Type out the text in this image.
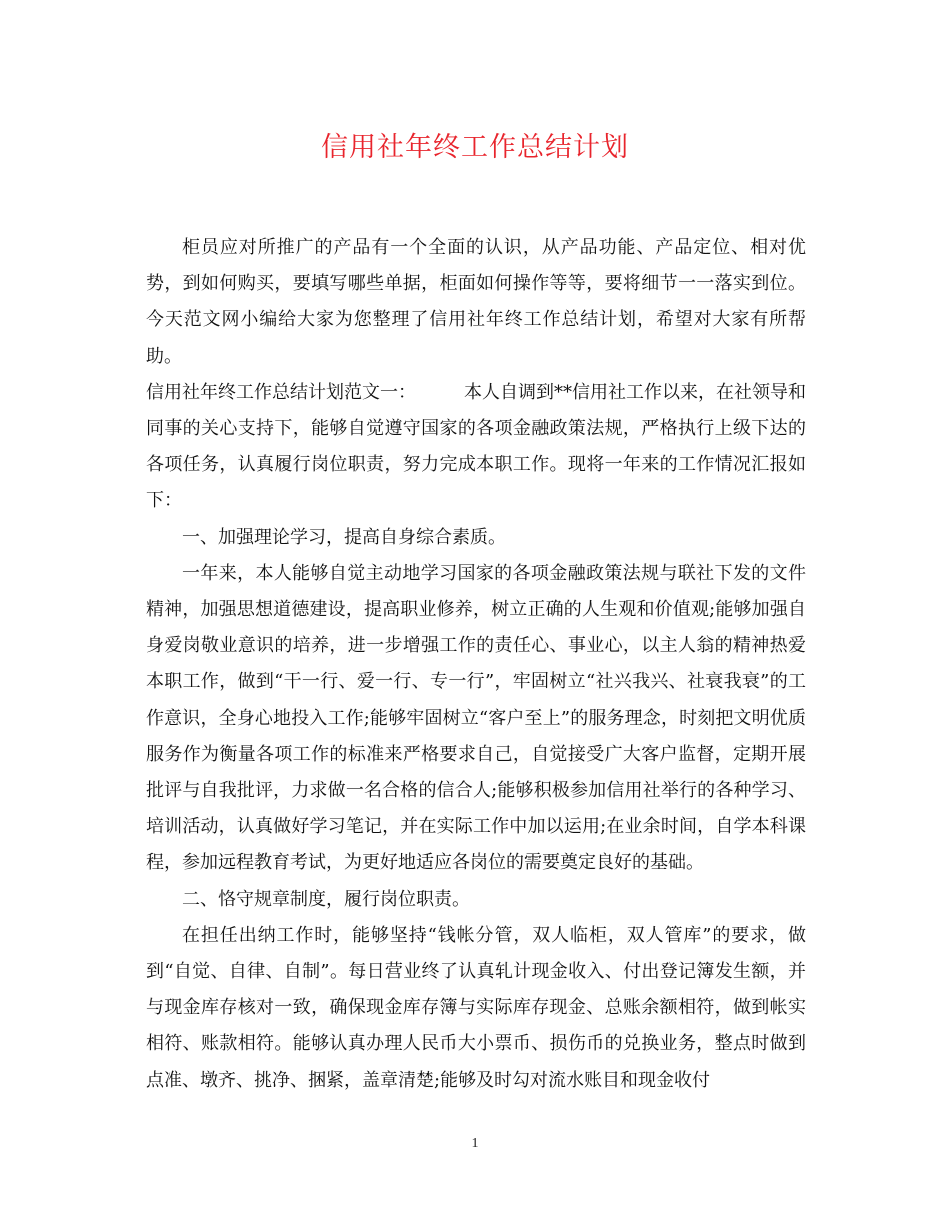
信用社年终工作总结计划

柜员应对所推广的产品有一个全面的认识，从产品功能、产品定位、相对优势，到如何购买，要填写哪些单据，柜面如何操作等等，要将细节一一落实到位。今天范文网小编给大家为您整理了信用社年终工作总结计划，希望对大家有所帮助。

信用社年终工作总结计划范文一：	本人自调到**信用社工作以来，在社领导和同事的关心支持下，能够自觉遵守国家的各项金融政策法规，严格执行上级下达的各项任务，认真履行岗位职责，努力完成本职工作。现将一年来的工作情况汇报如下：

一、加强理论学习，提高自身综合素质。

一年来，本人能够自觉主动地学习国家的各项金融政策法规与联社下发的文件精神，加强思想道德建设，提高职业修养，树立正确的人生观和价值观;能够加强自身爱岗敬业意识的培养，进一步增强工作的责任心、事业心，以主人翁的精神热爱本职工作，做到“干一行、爱一行、专一行”，牢固树立“社兴我兴、社衰我衰”的工作意识，全身心地投入工作;能够牢固树立“客户至上”的服务理念，时刻把文明优质服务作为衡量各项工作的标准来严格要求自己，自觉接受广大客户监督，定期开展批评与自我批评，力求做一名合格的信合人;能够积极参加信用社举行的各种学习、培训活动，认真做好学习笔记，并在实际工作中加以运用;在业余时间，自学本科课程，参加远程教育考试，为更好地适应各岗位的需要奠定良好的基础。

二、恪守规章制度，履行岗位职责。

在担任出纳工作时，能够坚持“钱帐分管，双人临柜，双人管库”的要求，做到“自觉、自律、自制”。每日营业终了认真轧计现金收入、付出登记簿发生额，并与现金库存核对一致，确保现金库存簿与实际库存现金、总账余额相符，做到帐实相符、账款相符。能够认真办理人民币大小票币、损伤币的兑换业务，整点时做到点准、墩齐、挑净、捆紧，盖章清楚;能够及时勾对流水账目和现金收付

1
